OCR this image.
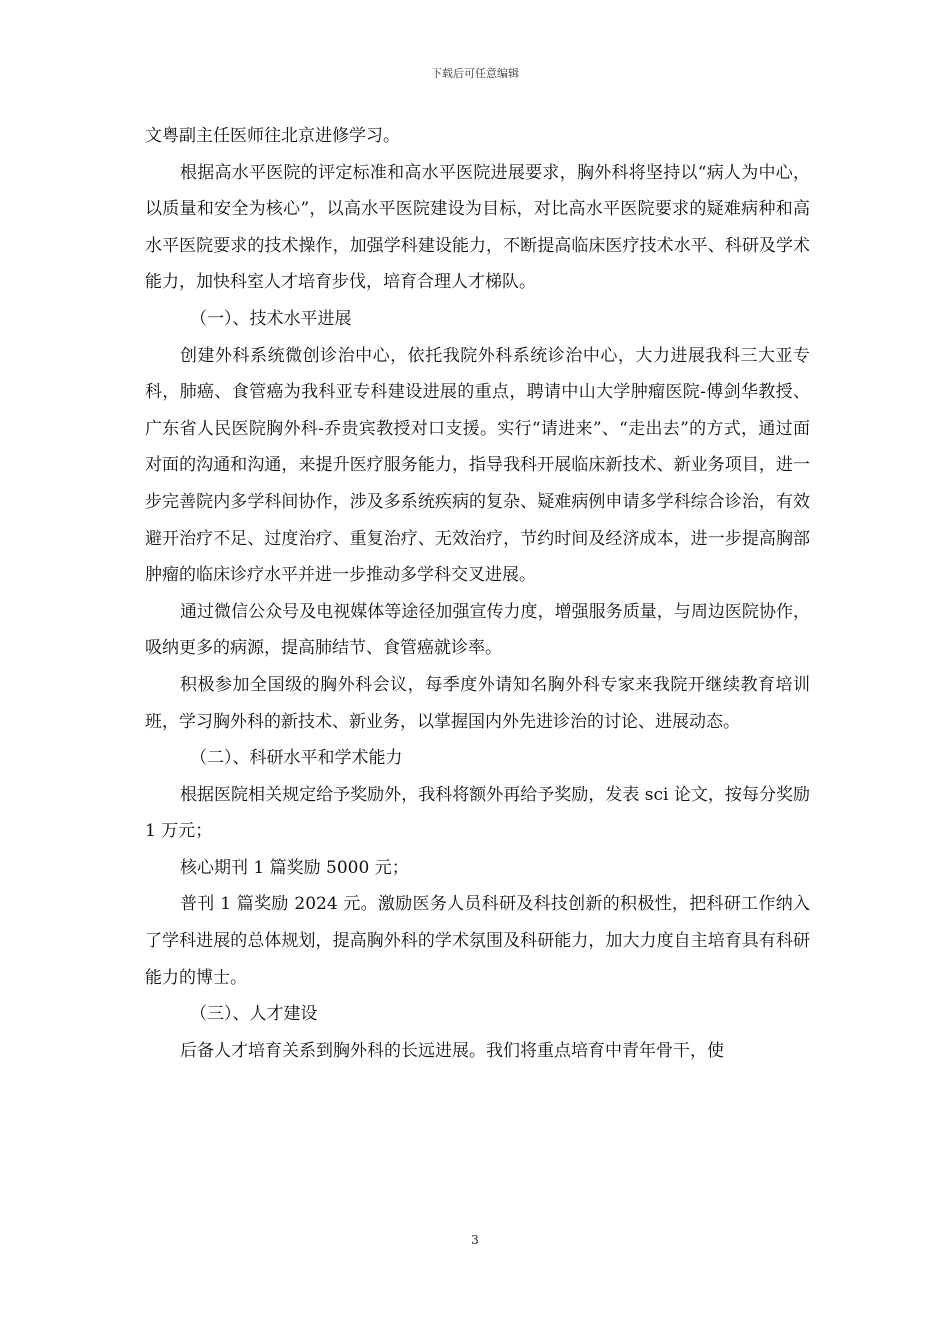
下载后可任意编辑

文粤副主任医师往北京进修学习。

根据高水平医院的评定标准和高水平医院进展要求，胸外科将坚持以“病人为中心，以质量和安全为核心”，以高水平医院建设为目标，对比高水平医院要求的疑难病种和高水平医院要求的技术操作，加强学科建设能力，不断提高临床医疗技术水平、科研及学术能力，加快科室人才培育步伐，培育合理人才梯队。

（一）、技术水平进展

创建外科系统微创诊治中心，依托我院外科系统诊治中心，大力进展我科三大亚专科，肺癌、食管癌为我科亚专科建设进展的重点，聘请中山大学肿瘤医院-傅剑华教授、广东省人民医院胸外科-乔贵宾教授对口支援。实行“请进来”、“走出去”的方式，通过面对面的沟通和沟通，来提升医疗服务能力，指导我科开展临床新技术、新业务项目，进一步完善院内多学科间协作，涉及多系统疾病的复杂、疑难病例申请多学科综合诊治，有效避开治疗不足、过度治疗、重复治疗、无效治疗，节约时间及经济成本，进一步提高胸部肿瘤的临床诊疗水平并进一步推动多学科交叉进展。

通过微信公众号及电视媒体等途径加强宣传力度，增强服务质量，与周边医院协作，吸纳更多的病源，提高肺结节、食管癌就诊率。

积极参加全国级的胸外科会议，每季度外请知名胸外科专家来我院开继续教育培训班，学习胸外科的新技术、新业务，以掌握国内外先进诊治的讨论、进展动态。

（二）、科研水平和学术能力

根据医院相关规定给予奖励外，我科将额外再给予奖励，发表 sci 论文，按每分奖励 1 万元；

核心期刊 1 篇奖励 5000 元；

普刊 1 篇奖励 2024 元。激励医务人员科研及科技创新的积极性，把科研工作纳入了学科进展的总体规划，提高胸外科的学术氛围及科研能力，加大力度自主培育具有科研能力的博士。

（三）、人才建设

后备人才培育关系到胸外科的长远进展。我们将重点培育中青年骨干，使

3
